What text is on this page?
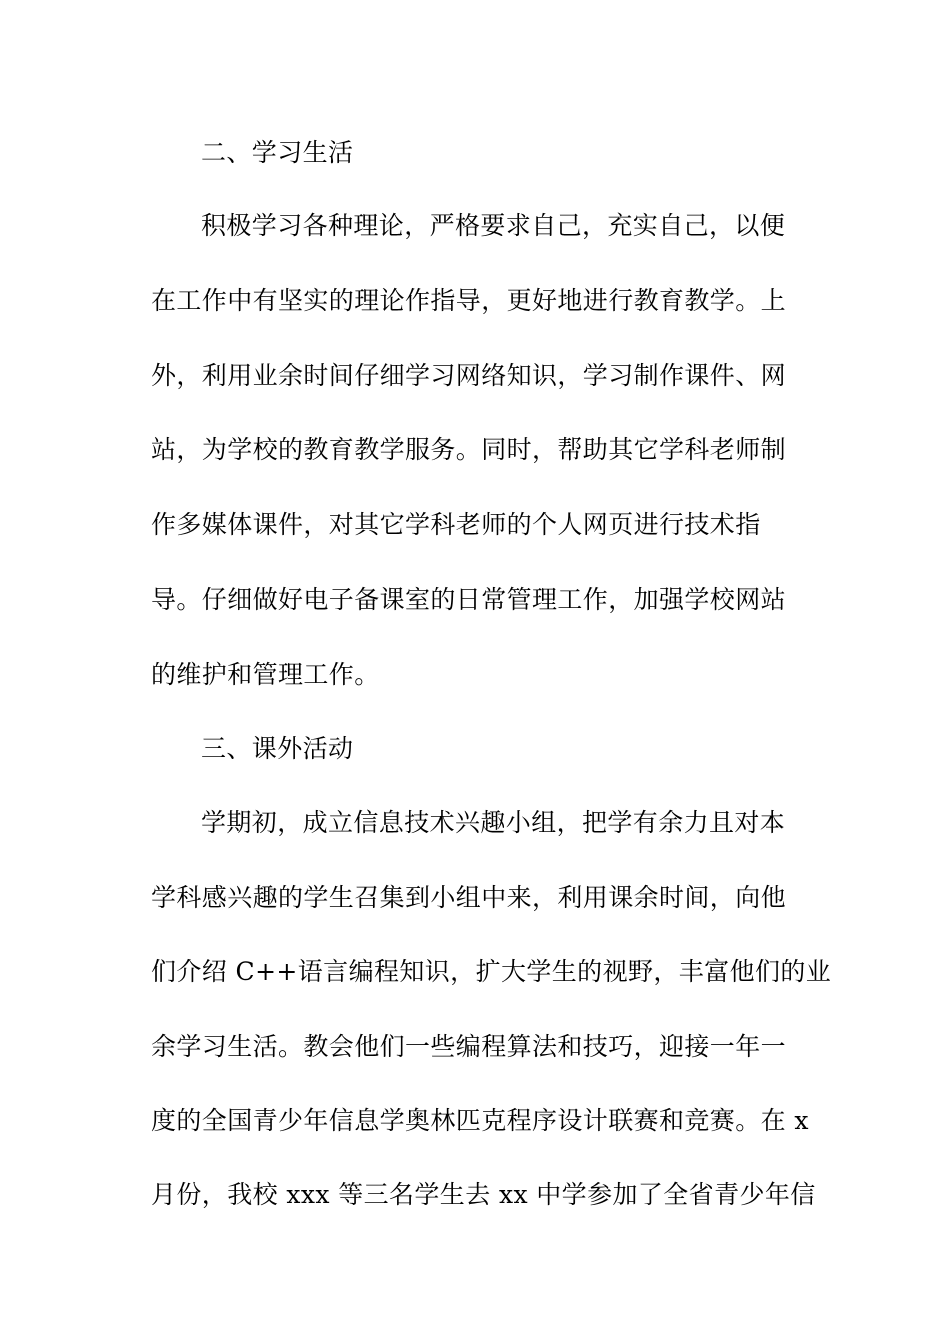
二、学习生活
积极学习各种理论，严格要求自己，充实自己，以便
在工作中有坚实的理论作指导，更好地进行教育教学。上
外，利用业余时间仔细学习网络知识，学习制作课件、网
站，为学校的教育教学服务。同时，帮助其它学科老师制
作多媒体课件，对其它学科老师的个人网页进行技术指
导。仔细做好电子备课室的日常管理工作，加强学校网站
的维护和管理工作。
三、课外活动
学期初，成立信息技术兴趣小组，把学有余力且对本
学科感兴趣的学生召集到小组中来，利用课余时间，向他
们介绍 C++语言编程知识，扩大学生的视野，丰富他们的业
余学习生活。教会他们一些编程算法和技巧，迎接一年一
度的全国青少年信息学奥林匹克程序设计联赛和竞赛。在 x
月份，我校 xxx 等三名学生去 xx 中学参加了全省青少年信
